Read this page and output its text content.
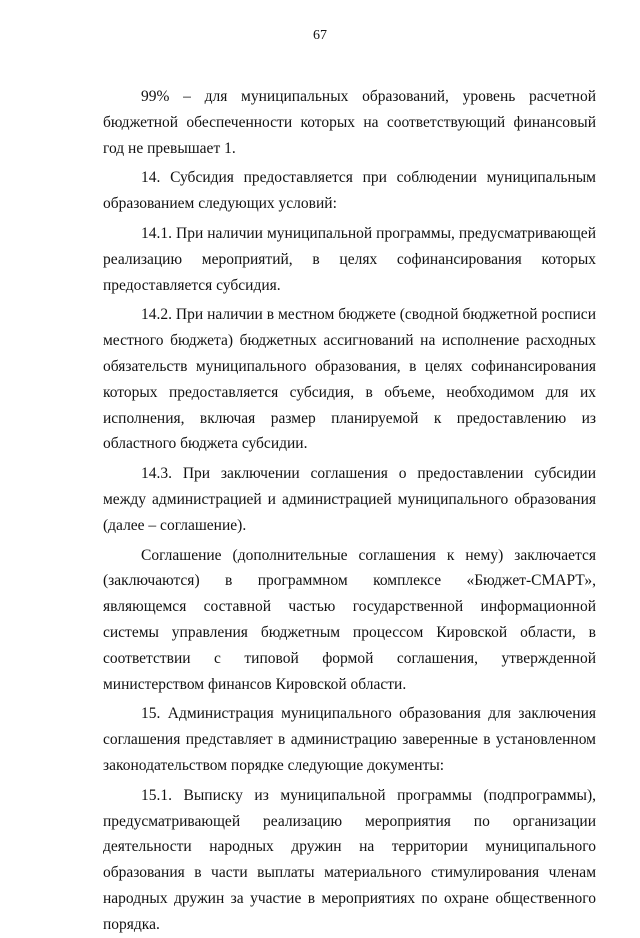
67

99% – для муниципальных образований, уровень расчетной бюджетной обеспеченности которых на соответствующий финансовый год не превышает 1.

14. Субсидия предоставляется при соблюдении муниципальным образованием следующих условий:

14.1. При наличии муниципальной программы, предусматривающей реализацию мероприятий, в целях софинансирования которых предоставляется субсидия.

14.2. При наличии в местном бюджете (сводной бюджетной росписи местного бюджета) бюджетных ассигнований на исполнение расходных обязательств муниципального образования, в целях софинансирования которых предоставляется субсидия, в объеме, необходимом для их исполнения, включая размер планируемой к предоставлению из областного бюджета субсидии.

14.3. При заключении соглашения о предоставлении субсидии между администрацией и администрацией муниципального образования (далее – соглашение).

Соглашение (дополнительные соглашения к нему) заключается (заключаются) в программном комплексе «Бюджет-СМАРТ», являющемся составной частью государственной информационной системы управления бюджетным процессом Кировской области, в соответствии с типовой формой соглашения, утвержденной министерством финансов Кировской области.

15. Администрация муниципального образования для заключения соглашения представляет в администрацию заверенные в установленном законодательством порядке следующие документы:

15.1. Выписку из муниципальной программы (подпрограммы), предусматривающей реализацию мероприятия по организации деятельности народных дружин на территории муниципального образования в части выплаты материального стимулирования членам народных дружин за участие в мероприятиях по охране общественного порядка.
